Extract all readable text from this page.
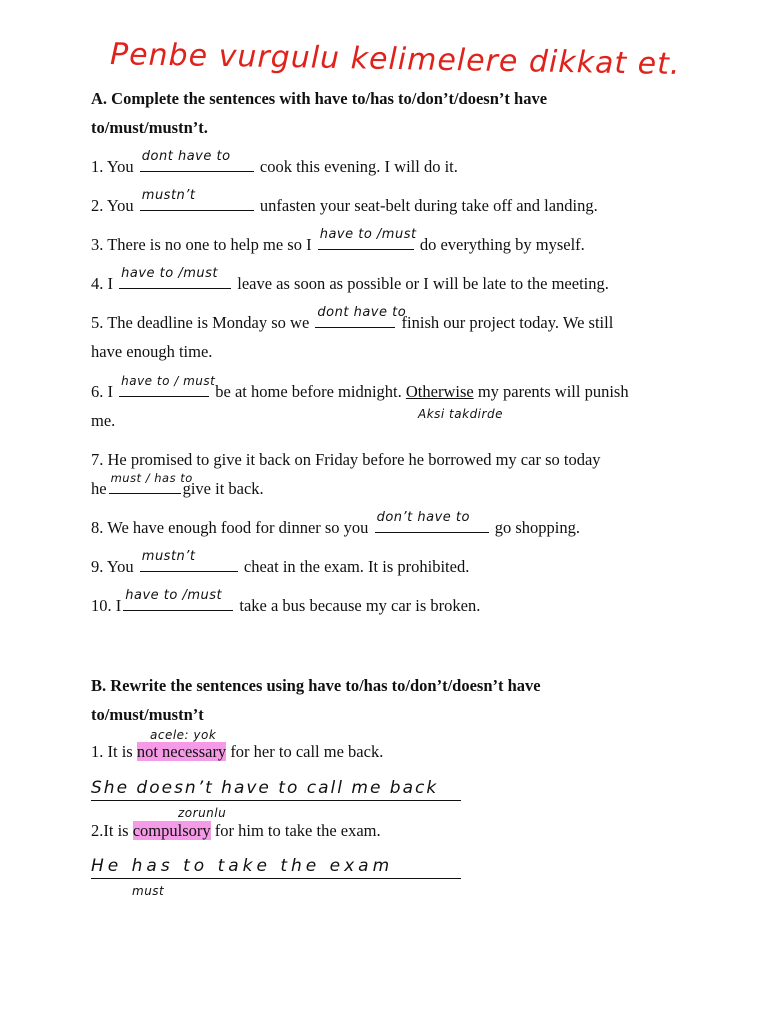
Penbe vurgulu kelimelere dikkat et.
A. Complete the sentences with have to/has to/don’t/doesn’t have
to/must/mustn’t.
1. You
dont have to
cook this evening. I will do it.
2. You
mustn’t
unfasten your seat-belt during take off and landing.
3. There is no one to help me so I
have to /must
do everything by myself.
4. I
have to /must
leave as soon as possible or I will be late to the meeting.
5. The deadline is Monday so we
dont have to
finish our project today. We still
have enough time.
6. I
have to / must
be at home before midnight. Otherwise my parents will punish
me.	Aksi takdirde
7. He promised to give it back on Friday before he borrowed my car so today
he
must / has to
give it back.
8. We have enough food for dinner so you
don’t have to
go shopping.
9. You
mustn’t
cheat in the exam. It is prohibited.
10. I
have to /must
take a bus because my car is broken.
B. Rewrite the sentences using have to/has to/don’t/doesn’t have
to/must/mustn’t
1. It is not necessary for her to call me back.
acele: yok
She doesn’t have to call me back
2.It is compulsory for him to take the exam.
zorunlu
He has to take the exam
must
